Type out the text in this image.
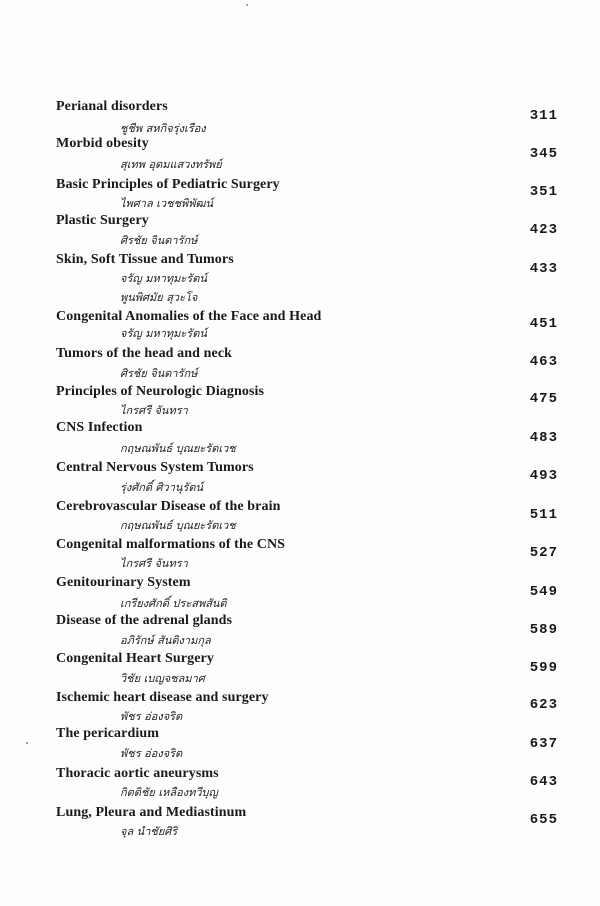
Perianal disorders
ชูชีพ สหกิจรุ่งเรือง
311
Morbid obesity
สุเทพ อุดมแสวงทรัพย์
345
Basic Principles of Pediatric Surgery
ไพศาล เวชชพิพัฒน์
351
Plastic Surgery
ศิรชัย จินดารักษ์
423
Skin, Soft Tissue and Tumors
จรัญ มหาทุมะรัตน์
พูนพิศมัย สุวะโจ
433
Congenital Anomalies of the Face and Head
จรัญ มหาทุมะรัตน์
451
Tumors of the head and neck
ศิรชัย จินดารักษ์
463
Principles of Neurologic Diagnosis
ไกรศรี จันทรา
475
CNS Infection
กฤษณพันธ์ บุณยะรัตเวช
483
Central Nervous System Tumors
รุ่งศักดิ์ ศิวานุรัตน์
493
Cerebrovascular Disease of the brain
กฤษณพันธ์ บุณยะรัตเวช
511
Congenital malformations of the CNS
ไกรศรี จันทรา
527
Genitourinary System
เกรียงศักดิ์ ประสพสันติ
549
Disease of the adrenal glands
อภิรักษ์ สันติงามกุล
589
Congenital Heart Surgery
วิชัย เบญจชลมาศ
599
Ischemic heart disease and surgery
พัชร อ่องจริต
623
The pericardium
พัชร อ่องจริต
637
Thoracic aortic aneurysms
กิตติชัย เหลืองทวีบุญ
643
Lung, Pleura and Mediastinum
จุล นำชัยศิริ
655
